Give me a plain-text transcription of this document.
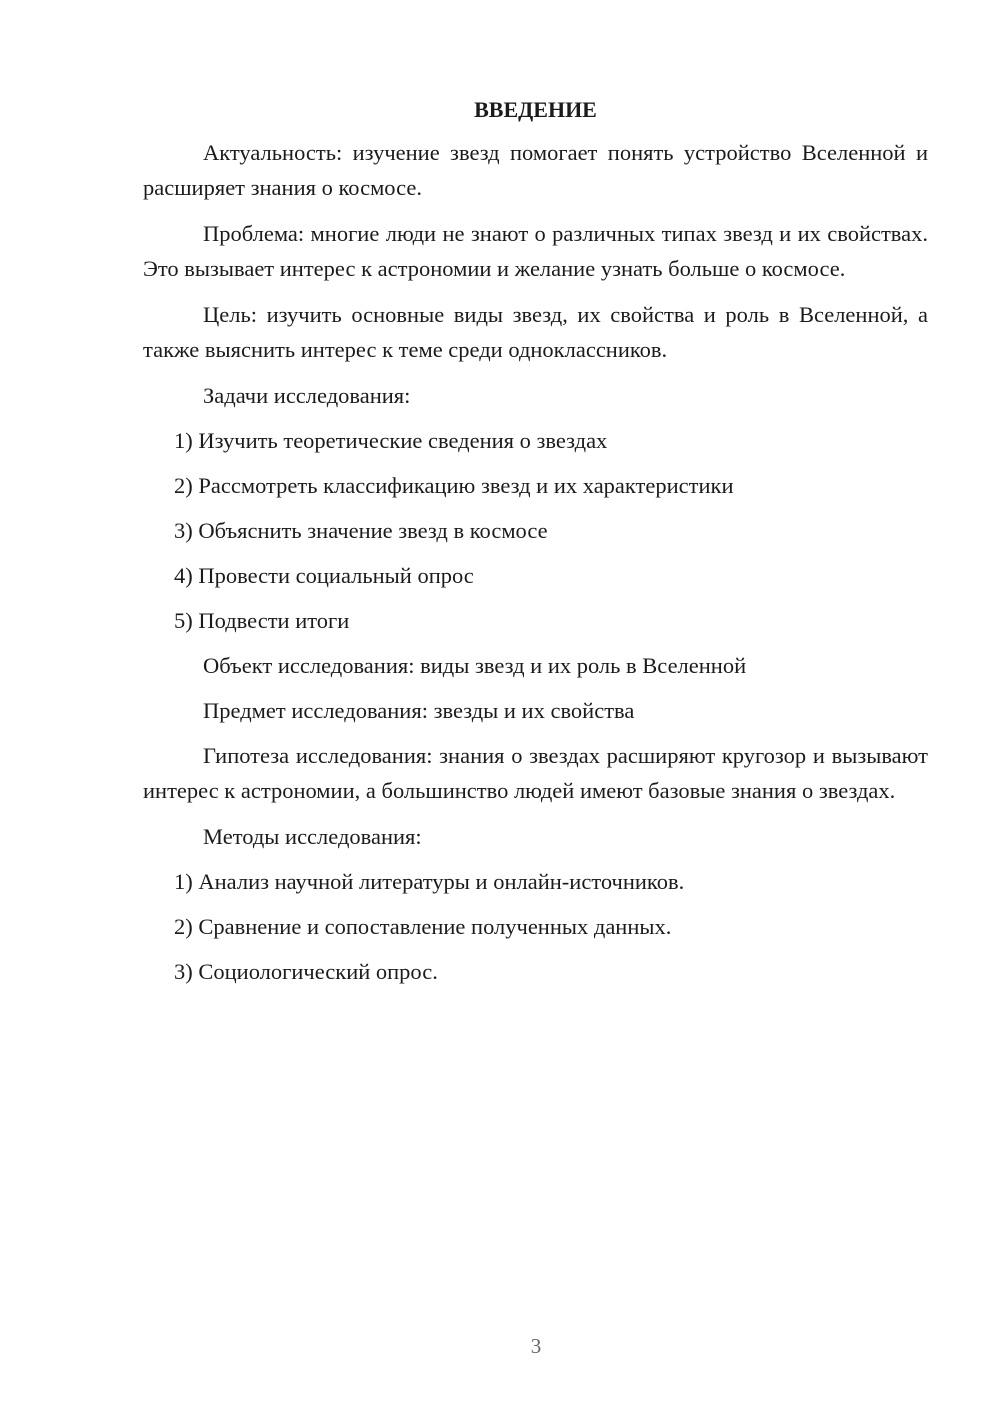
ВВЕДЕНИЕ
Актуальность: изучение звезд помогает понять устройство Вселенной и расширяет знания о космосе.
Проблема: многие люди не знают о различных типах звезд и их свойствах. Это вызывает интерес к астрономии и желание узнать больше о космосе.
Цель: изучить основные виды звезд, их свойства и роль в Вселенной, а также выяснить интерес к теме среди одноклассников.
Задачи исследования:
1) Изучить теоретические сведения о звездах
2) Рассмотреть классификацию звезд и их характеристики
3) Объяснить значение звезд в космосе
4) Провести социальный опрос
5) Подвести итоги
Объект исследования: виды звезд и их роль в Вселенной
Предмет исследования: звезды и их свойства
Гипотеза исследования: знания о звездах расширяют кругозор и вызывают интерес к астрономии, а большинство людей имеют базовые знания о звездах.
Методы исследования:
1) Анализ научной литературы и онлайн-источников.
2) Сравнение и сопоставление полученных данных.
3) Социологический опрос.
3
